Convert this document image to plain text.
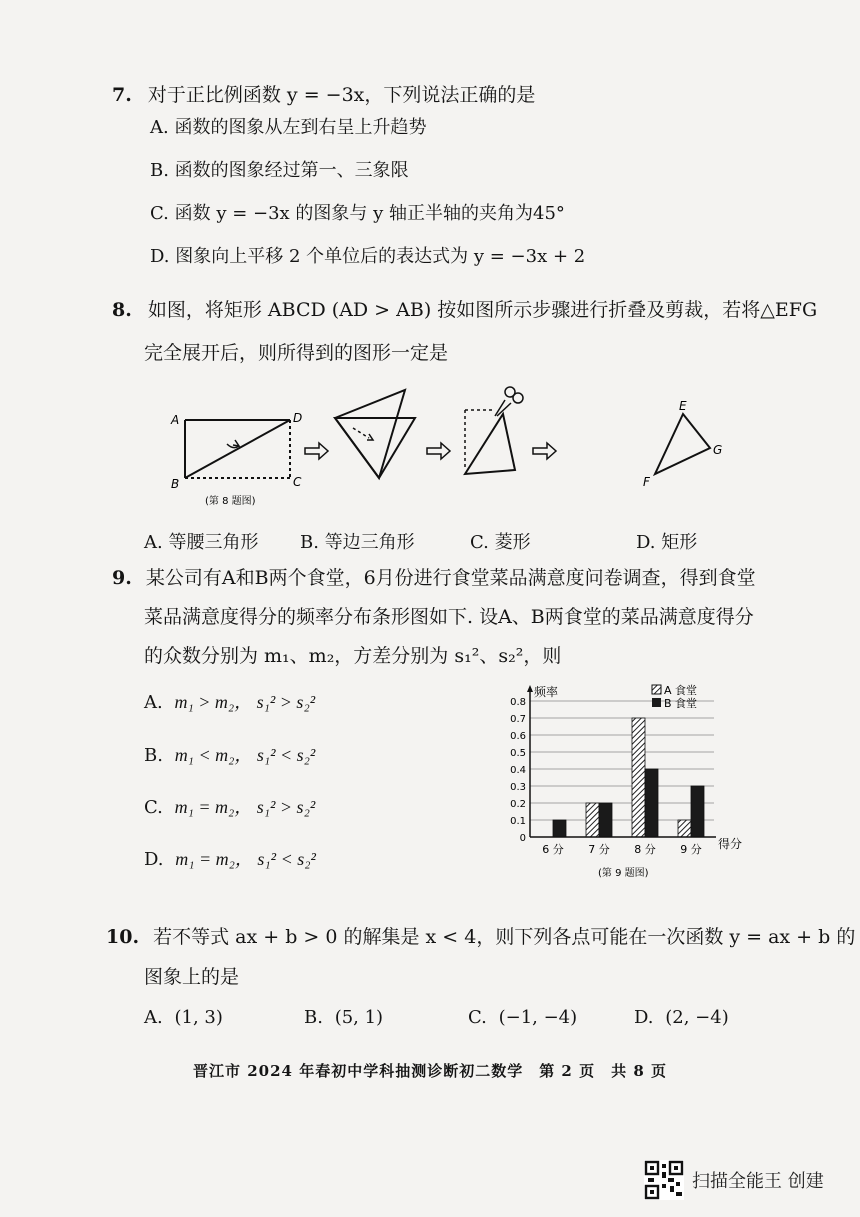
7. 对于正比例函数 y = −3x，下列说法正确的是
A. 函数的图象从左到右呈上升趋势
B. 函数的图象经过第一、三象限
C. 函数 y = −3x 的图象与 y 轴正半轴的夹角为45°
D. 图象向上平移 2 个单位后的表达式为 y = −3x + 2
8. 如图，将矩形 ABCD (AD > AB) 按如图所示步骤进行折叠及剪裁，若将△EFG
完全展开后，则所得到的图形一定是
A	D
B	C
(第 8 题图)
E
F
G
A. 等腰三角形 B. 等边三角形	C. 菱形	D. 矩形
9. 某公司有A和B两个食堂，6月份进行食堂菜品满意度问卷调查，得到食堂
菜品满意度得分的频率分布条形图如下. 设A、B两食堂的菜品满意度得分
的众数分别为 m₁、m₂，方差分别为 s₁²、s₂²，则
A. m₁ > m₂， s₁² > s₂²
B. m₁ < m₂， s₁² < s₂²
C. m₁ = m₂， s₁² > s₂²
D. m₁ = m₂， s₁² < s₂²
0
0.1
0.2
0.3
0.4
0.5
0.6
0.7
0.8
6 分 7 分 8 分 9 分
频率
得分
A 食堂
B 食堂
(第 9 题图)
10. 若不等式 ax + b > 0 的解集是 x < 4，则下列各点可能在一次函数 y = ax + b 的
图象上的是
A. (1, 3)	B. (5, 1)	C. (−1, −4)	D. (2, −4)
晋江市 2024 年春初中学科抽测诊断初二数学　第 2 页　共 8 页
扫描全能王 创建
